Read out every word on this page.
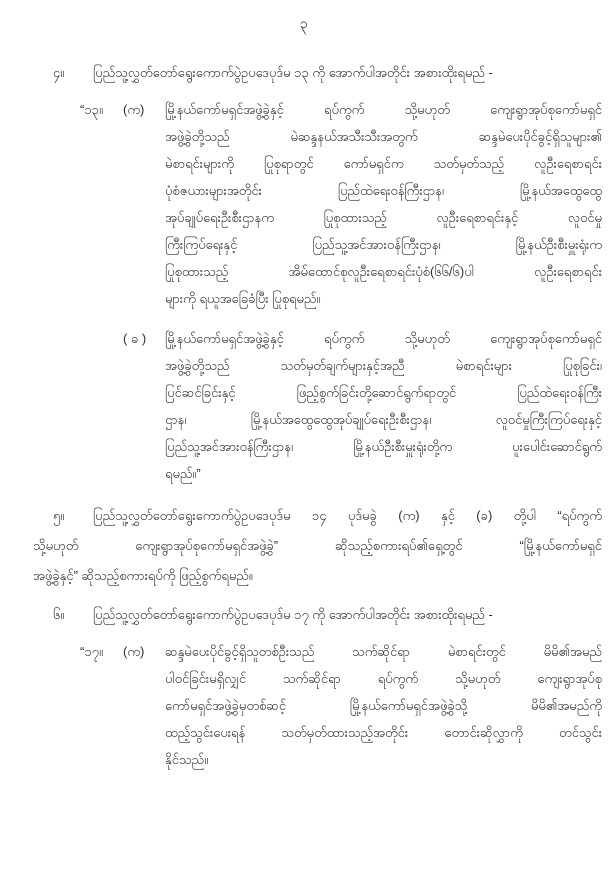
၃
၄။ ပြည်သူ့လွှတ်တော်ရွေးကောက်ပွဲဥပဒေပုဒ်မ ၁၃ ကို အောက်ပါအတိုင်း အစားထိုးရမည် -
“၁၃။	(က)	မြို့နယ်ကော်မရှင်အဖွဲ့ခွဲနှင့် ရပ်ကွက် သို့မဟုတ် ကျေးရွာအုပ်စုကော်မရှင်
အဖွဲ့ခွဲတို့သည် မဲဆန္ဒနယ်အသီးသီးအတွက် ဆန္ဒမဲပေးပိုင်ခွင့်ရှိသူများ၏
မဲစာရင်းများကို ပြုစုရာတွင် ကော်မရှင်က သတ်မှတ်သည့် လူဦးရေစာရင်း
ပုံစံဇယားများအတိုင်း ပြည်ထဲရေးဝန်ကြီးဌာန၊ မြို့နယ်အထွေထွေ
အုပ်ချုပ်ရေးဦးစီးဌာနက ပြုစုထားသည့် လူဦးရေစာရင်းနှင့် လူဝင်မှု
ကြီးကြပ်ရေးနှင့် ပြည်သူ့အင်အားဝန်ကြီးဌာန၊ မြို့နယ်ဦးစီးမှူးရုံးက
ပြုစုထားသည့် အိမ်ထောင်စုလူဦးရေစာရင်းပုံစံ(၆၆/၆)ပါ လူဦးရေစာရင်း
များကို ရယူအခြေခံပြီး ပြုစုရမည်။
( ခ )	မြို့နယ်ကော်မရှင်အဖွဲ့ခွဲနှင့် ရပ်ကွက် သို့မဟုတ် ကျေးရွာအုပ်စုကော်မရှင်
အဖွဲ့ခွဲတို့သည် သတ်မှတ်ချက်များနှင့်အညီ မဲစာရင်းများ ပြုစုခြင်း၊
ပြင်ဆင်ခြင်းနှင့် ဖြည့်စွက်ခြင်းတို့ဆောင်ရွက်ရာတွင် ပြည်ထဲရေးဝန်ကြီး
ဌာန၊ မြို့နယ်အထွေထွေအုပ်ချုပ်ရေးဦးစီးဌာန၊ လူဝင်မှုကြီးကြပ်ရေးနှင့်
ပြည်သူ့အင်အားဝန်ကြီးဌာန၊ မြို့နယ်ဦးစီးမှူးရုံးတို့က ပူးပေါင်းဆောင်ရွက်
ရမည်။”
၅။ ပြည်သူ့လွှတ်တော်ရွေးကောက်ပွဲဥပဒေပုဒ်မ ၁၄ ပုဒ်မခွဲ (က) နှင့် (ခ) တို့ပါ “ရပ်ကွက်
သို့မဟုတ် ကျေးရွာအုပ်စုကော်မရှင်အဖွဲ့ခွဲ” ဆိုသည့်စကားရပ်၏ရှေ့တွင် “မြို့နယ်ကော်မရှင်
အဖွဲ့ခွဲနှင့်” ဆိုသည့်စကားရပ်ကို ဖြည့်စွက်ရမည်။
၆။ ပြည်သူ့လွှတ်တော်ရွေးကောက်ပွဲဥပဒေပုဒ်မ ၁၇ ကို အောက်ပါအတိုင်း အစားထိုးရမည် -
“၁၇။	(က)	ဆန္ဒမဲပေးပိုင်ခွင့်ရှိသူတစ်ဦးသည် သက်ဆိုင်ရာ မဲစာရင်းတွင် မိမိ၏အမည်
ပါဝင်ခြင်းမရှိလျှင် သက်ဆိုင်ရာ ရပ်ကွက် သို့မဟုတ် ကျေးရွာအုပ်စု
ကော်မရှင်အဖွဲ့ခွဲမှတစ်ဆင့် မြို့နယ်ကော်မရှင်အဖွဲ့ခွဲသို့ မိမိ၏အမည်ကို
ထည့်သွင်းပေးရန် သတ်မှတ်ထားသည့်အတိုင်း တောင်းဆိုလွှာကို တင်သွင်း
နိုင်သည်။
